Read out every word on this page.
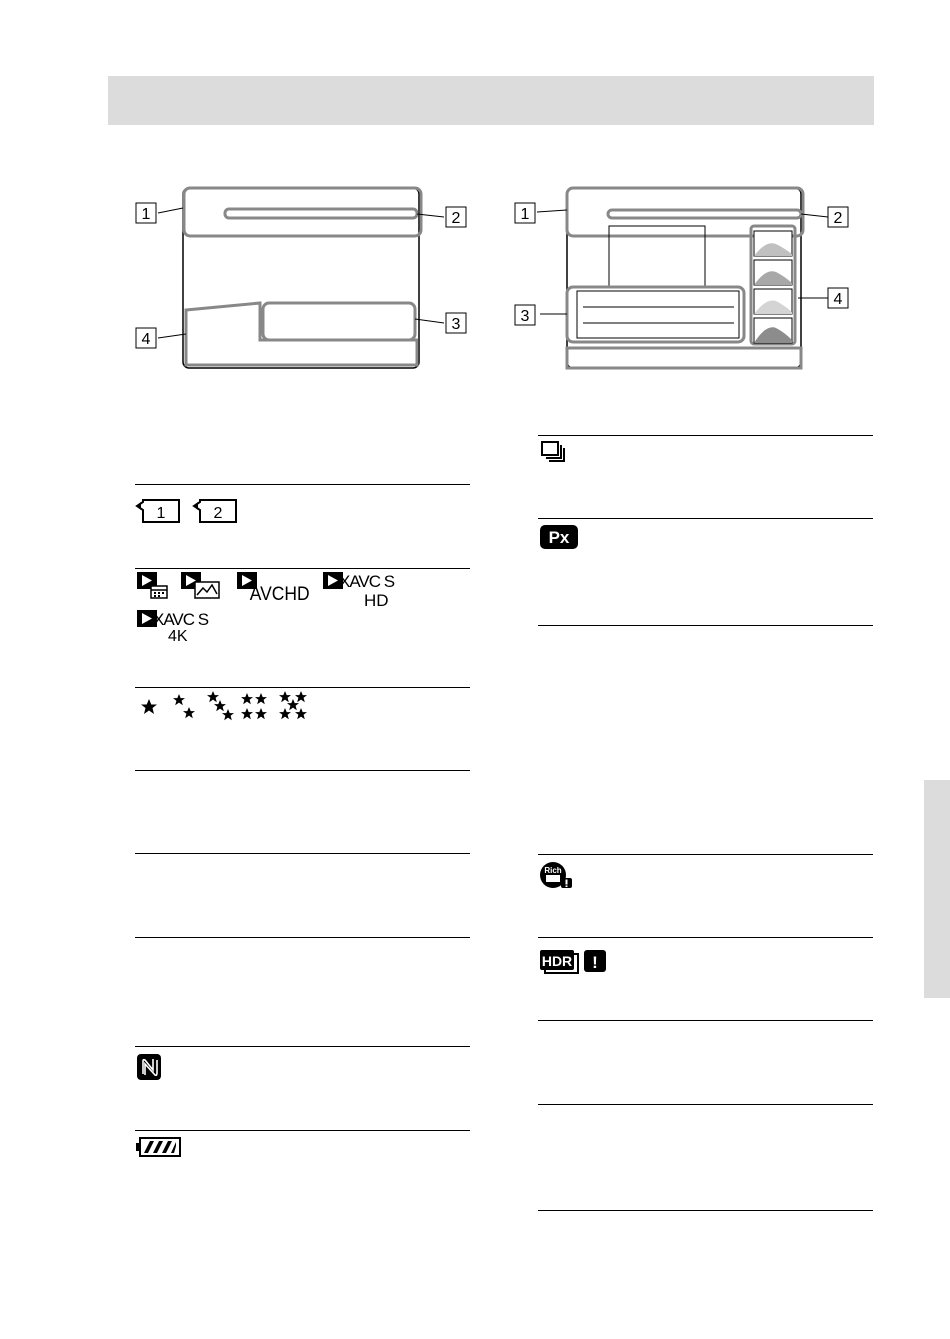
1	2
3
4
1	2
3
4
1	2
AVCHD
XAVC S
HD
XAVC S
4K
Px
Rich
HDR !
